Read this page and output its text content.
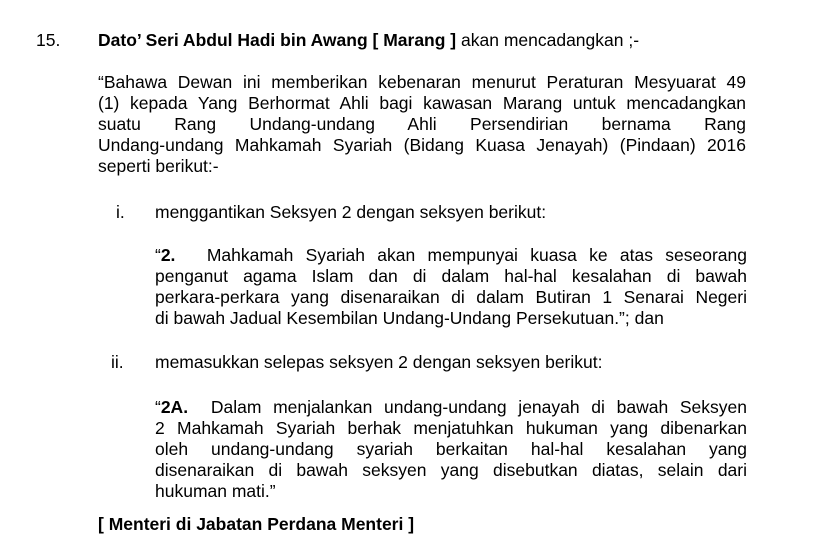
15. Dato’ Seri Abdul Hadi bin Awang [ Marang ] akan mencadangkan ;-
“Bahawa Dewan ini memberikan kebenaran menurut Peraturan Mesyuarat 49
(1) kepada Yang Berhormat Ahli bagi kawasan Marang untuk mencadangkan
suatu Rang Undang-undang Ahli Persendirian bernama Rang
Undang-undang Mahkamah Syariah (Bidang Kuasa Jenayah) (Pindaan) 2016
seperti berikut:-
i. menggantikan Seksyen 2 dengan seksyen berikut:
“2. Mahkamah Syariah akan mempunyai kuasa ke atas seseorang
penganut agama Islam dan di dalam hal-hal kesalahan di bawah
perkara-perkara yang disenaraikan di dalam Butiran 1 Senarai Negeri
di bawah Jadual Kesembilan Undang-Undang Persekutuan.”; dan
ii. memasukkan selepas seksyen 2 dengan seksyen berikut:
“2A. Dalam menjalankan undang-undang jenayah di bawah Seksyen
2 Mahkamah Syariah berhak menjatuhkan hukuman yang dibenarkan
oleh undang-undang syariah berkaitan hal-hal kesalahan yang
disenaraikan di bawah seksyen yang disebutkan diatas, selain dari
hukuman mati.”
[ Menteri di Jabatan Perdana Menteri ]
